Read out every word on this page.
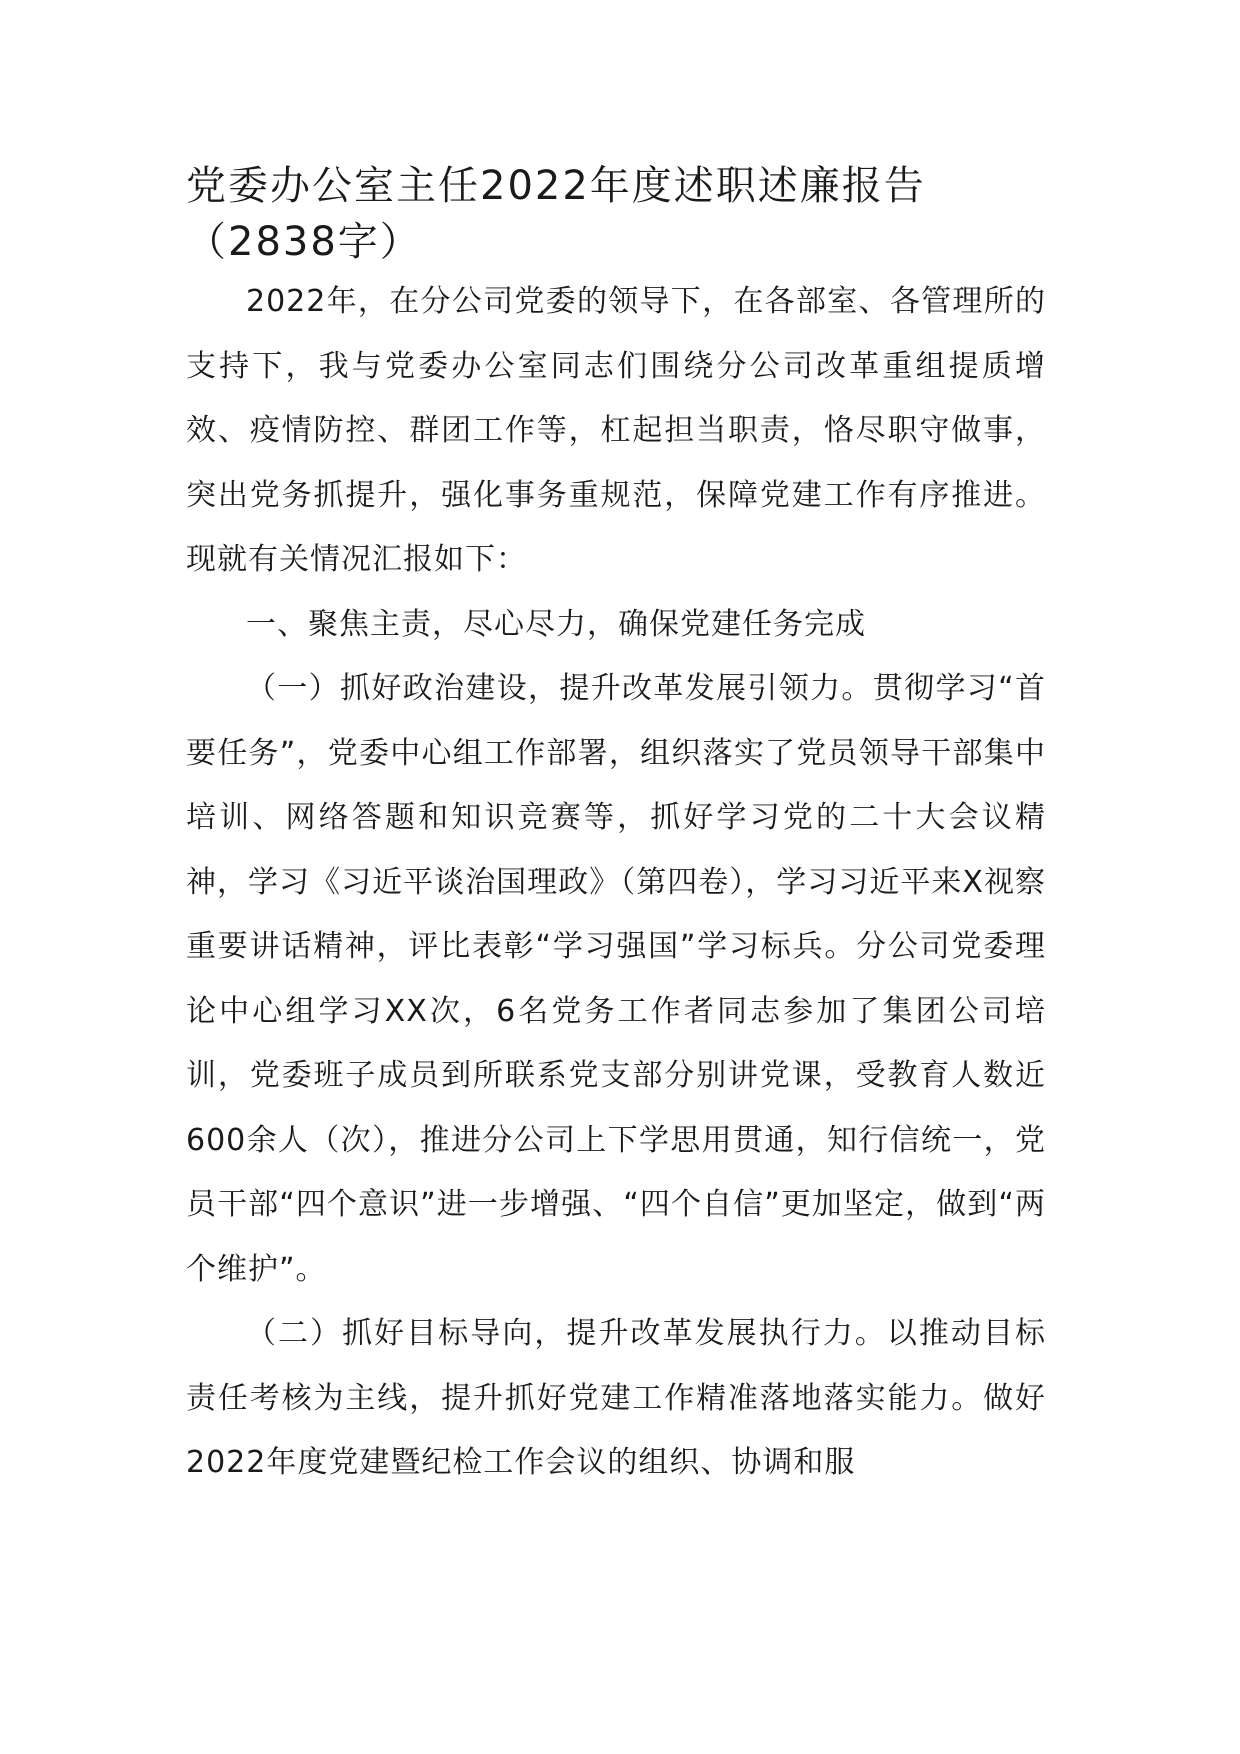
党委办公室主任2022年度述职述廉报告（2838字）

2022年，在分公司党委的领导下，在各部室、各管理所的支持下，我与党委办公室同志们围绕分公司改革重组提质增效、疫情防控、群团工作等，杠起担当职责，恪尽职守做事，突出党务抓提升，强化事务重规范，保障党建工作有序推进。现就有关情况汇报如下：

一、聚焦主责，尽心尽力，确保党建任务完成

（一）抓好政治建设，提升改革发展引领力。贯彻学习“首要任务”，党委中心组工作部署，组织落实了党员领导干部集中培训、网络答题和知识竞赛等，抓好学习党的二十大会议精神，学习《习近平谈治国理政》（第四卷），学习习近平来X视察重要讲话精神，评比表彰“学习强国”学习标兵。分公司党委理论中心组学习XX次，6名党务工作者同志参加了集团公司培训，党委班子成员到所联系党支部分别讲党课，受教育人数近600余人（次），推进分公司上下学思用贯通，知行信统一，党员干部“四个意识”进一步增强、“四个自信”更加坚定，做到“两个维护”。

（二）抓好目标导向，提升改革发展执行力。以推动目标责任考核为主线，提升抓好党建工作精准落地落实能力。做好2022年度党建暨纪检工作会议的组织、协调和服
